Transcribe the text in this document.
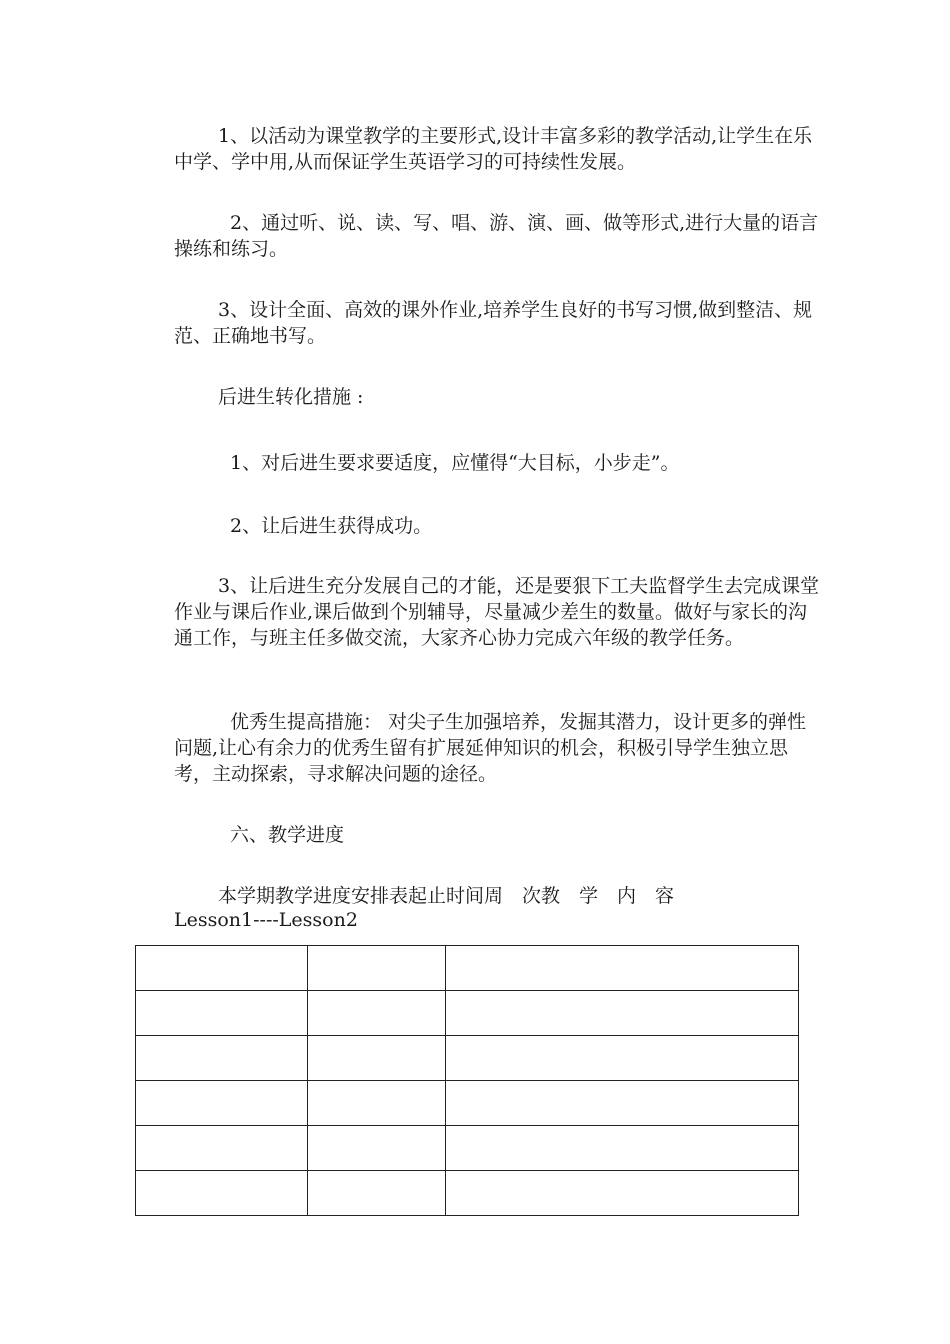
1、以活动为课堂教学的主要形式,设计丰富多彩的教学活动,让学生在乐中学、学中用,从而保证学生英语学习的可持续性发展。

2、通过听、说、读、写、唱、游、演、画、做等形式,进行大量的语言操练和练习。

3、设计全面、高效的课外作业,培养学生良好的书写习惯,做到整洁、规范、正确地书写。

后进生转化措施 :

1、对后进生要求要适度，应懂得“大目标，小步走”。

2、让后进生获得成功。

3、让后进生充分发展自己的才能，还是要狠下工夫监督学生去完成课堂作业与课后作业,课后做到个别辅导，尽量减少差生的数量。做好与家长的沟通工作，与班主任多做交流，大家齐心协力完成六年级的教学任务。

优秀生提高措施： 对尖子生加强培养，发掘其潜力，设计更多的弹性问题,让心有余力的优秀生留有扩展延伸知识的机会，积极引导学生独立思考，主动探索，寻求解决问题的途径。

六、教学进度

本学期教学进度安排表起止时间周　次教　学　内　容
Lesson1----Lesson2
